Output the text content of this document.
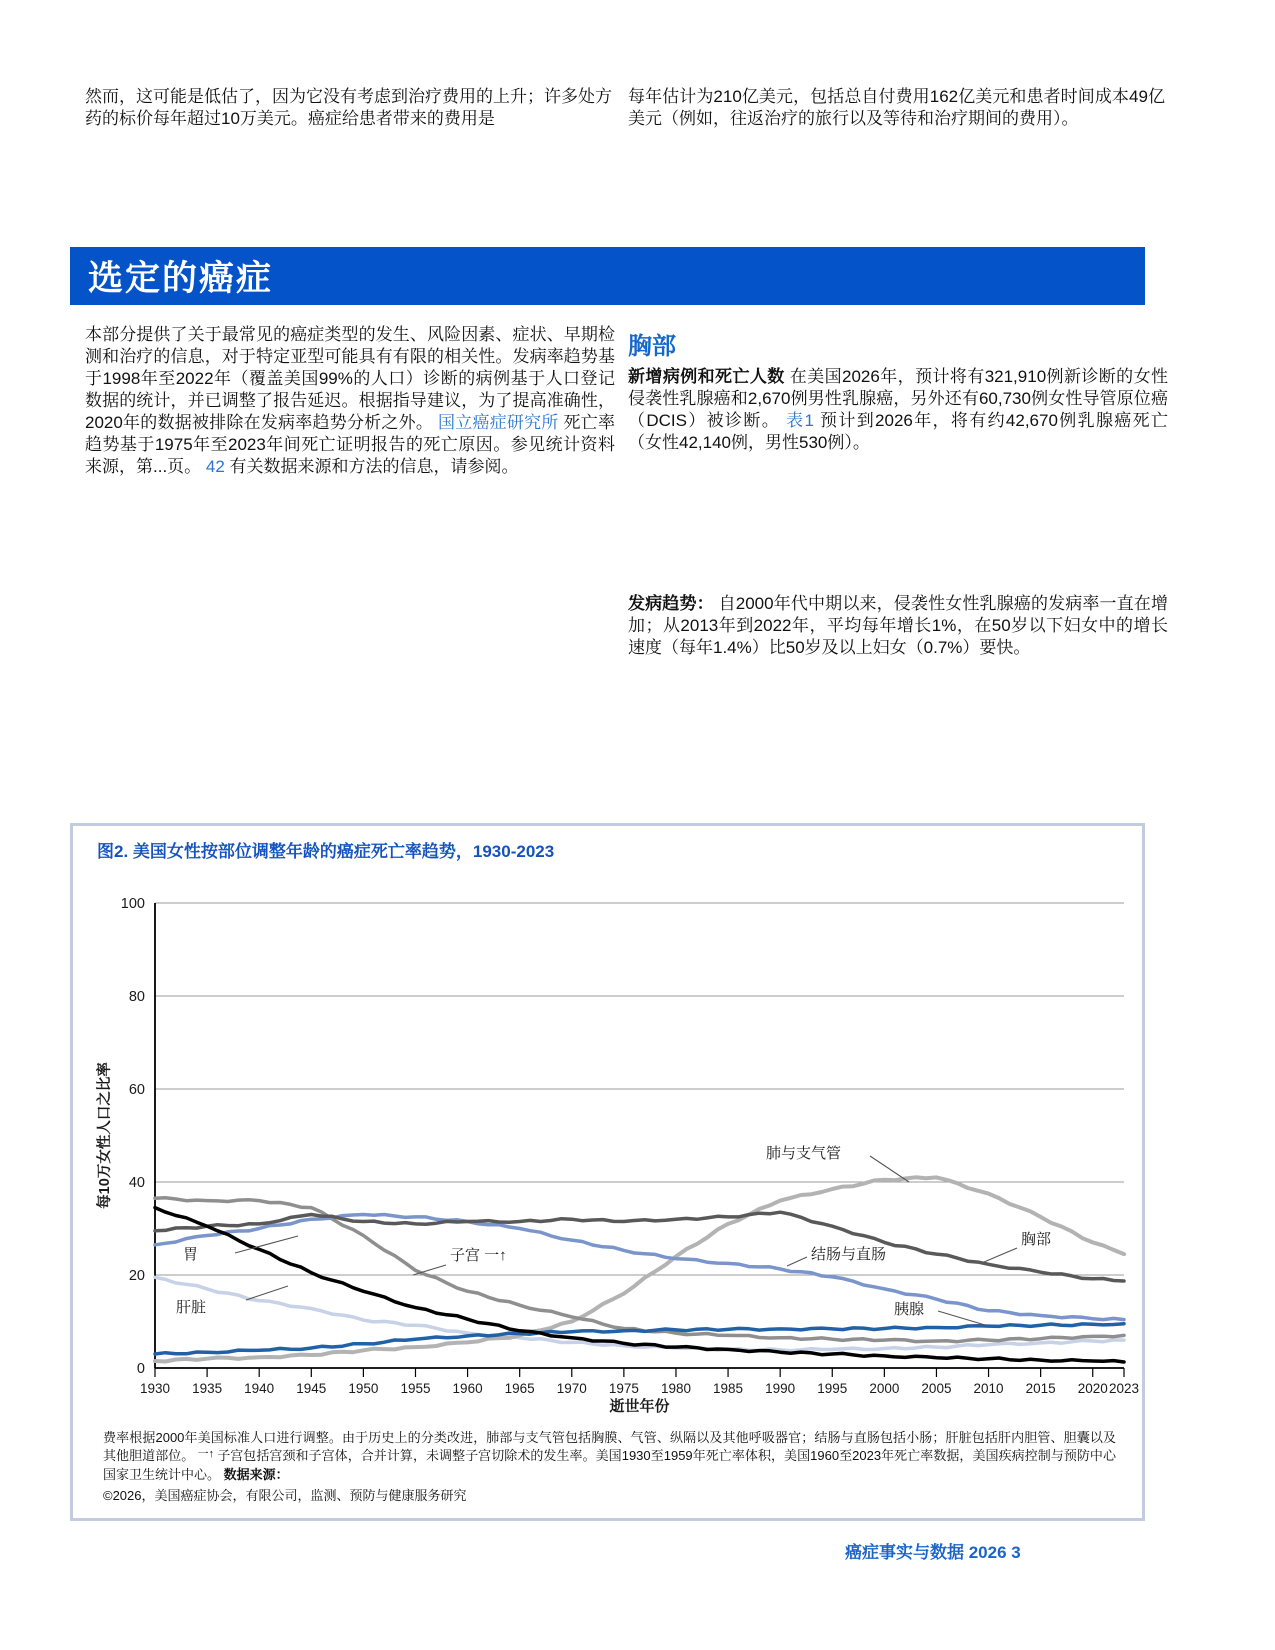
然而，这可能是低估了，因为它没有考虑到治疗费用的上升；许多处方药的标价每年超过10万美元。癌症给患者带来的费用是

每年估计为210亿美元，包括总自付费用162亿美元和患者时间成本49亿美元（例如，往返治疗的旅行以及等待和治疗期间的费用）。

选定的癌症

本部分提供了关于最常见的癌症类型的发生、风险因素、症状、早期检测和治疗的信息，对于特定亚型可能具有有限的相关性。发病率趋势基于1998年至2022年（覆盖美国99%的人口）诊断的病例基于人口登记数据的统计，并已调整了报告延迟。根据指导建议，为了提高准确性，2020年的数据被排除在发病率趋势分析之外。 国立癌症研究所 死亡率趋势基于1975年至2023年间死亡证明报告的死亡原因。参见统计资料来源，第...页。 42 有关数据来源和方法的信息，请参阅。

胸部

新增病例和死亡人数 在美国2026年，预计将有321,910例新诊断的女性侵袭性乳腺癌和2,670例男性乳腺癌，另外还有60,730例女性导管原位癌（DCIS）被诊断。 表1 预计到2026年，将有约42,670例乳腺癌死亡（女性42,140例，男性530例）。

发病趋势： 自2000年代中期以来，侵袭性女性乳腺癌的发病率一直在增加；从2013年到2022年，平均每年增长1%，在50岁以下妇女中的增长速度（每年1.4%）比50岁及以上妇女（0.7%）要快。

图2. 美国女性按部位调整年龄的癌症死亡率趋势，1930-2023
0
20
40
60
80
100
1930 1935 1940 1945 1950 1955 1960 1965 1970 1975 1980 1985 1990 1995 2000 2005 2010 2015 2020 2023
肺与支气管
胸部
结肠与直肠
胰腺
胃
肝脏
子宫 一↑
逝世年份
每10万女性人口之比率

费率根据2000年美国标准人口进行调整。由于历史上的分类改进，肺部与支气管包括胸膜、气管、纵隔以及其他呼吸器官；结肠与直肠包括小肠；肝脏包括肝内胆管、胆囊以及其他胆道部位。 一↑ 子宫包括宫颈和子宫体，合并计算，未调整子宫切除术的发生率。美国1930至1959年死亡率体积，美国1960至2023年死亡率数据，美国疾病控制与预防中心国家卫生统计中心。 数据来源：

©2026，美国癌症协会，有限公司，监测、预防与健康服务研究

癌症事实与数据 2026 3
